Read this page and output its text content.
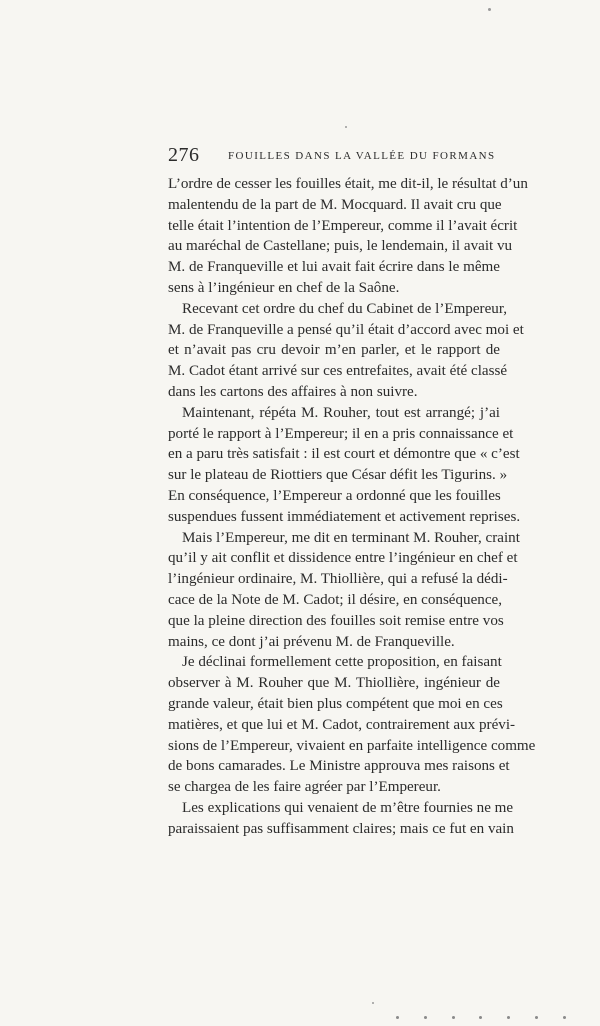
276	FOUILLES DANS LA VALLÉE DU FORMANS
L’ordre de cesser les fouilles était, me dit-il, le résultat d’un
malentendu de la part de M. Mocquard. Il avait cru que
telle était l’intention de l’Empereur, comme il l’avait écrit
au maréchal de Castellane; puis, le lendemain, il avait vu
M. de Franqueville et lui avait fait écrire dans le même
sens à l’ingénieur en chef de la Saône.
Recevant cet ordre du chef du Cabinet de l’Empereur,
M. de Franqueville a pensé qu’il était d’accord avec moi et
et n’avait pas cru devoir m’en parler, et le rapport de
M. Cadot étant arrivé sur ces entrefaites, avait été classé
dans les cartons des affaires à non suivre.
Maintenant, répéta M. Rouher, tout est arrangé; j’ai
porté le rapport à l’Empereur; il en a pris connaissance et
en a paru très satisfait : il est court et démontre que « c’est
sur le plateau de Riottiers que César défit les Tigurins. »
En conséquence, l’Empereur a ordonné que les fouilles
suspendues fussent immédiatement et activement reprises.
Mais l’Empereur, me dit en terminant M. Rouher, craint
qu’il y ait conflit et dissidence entre l’ingénieur en chef et
l’ingénieur ordinaire, M. Thiollière, qui a refusé la dédi-
cace de la Note de M. Cadot; il désire, en conséquence,
que la pleine direction des fouilles soit remise entre vos
mains, ce dont j’ai prévenu M. de Franqueville.
Je déclinai formellement cette proposition, en faisant
observer à M. Rouher que M. Thiollière, ingénieur de
grande valeur, était bien plus compétent que moi en ces
matières, et que lui et M. Cadot, contrairement aux prévi-
sions de l’Empereur, vivaient en parfaite intelligence comme
de bons camarades. Le Ministre approuva mes raisons et
se chargea de les faire agréer par l’Empereur.
Les explications qui venaient de m’être fournies ne me
paraissaient pas suffisamment claires; mais ce fut en vain
